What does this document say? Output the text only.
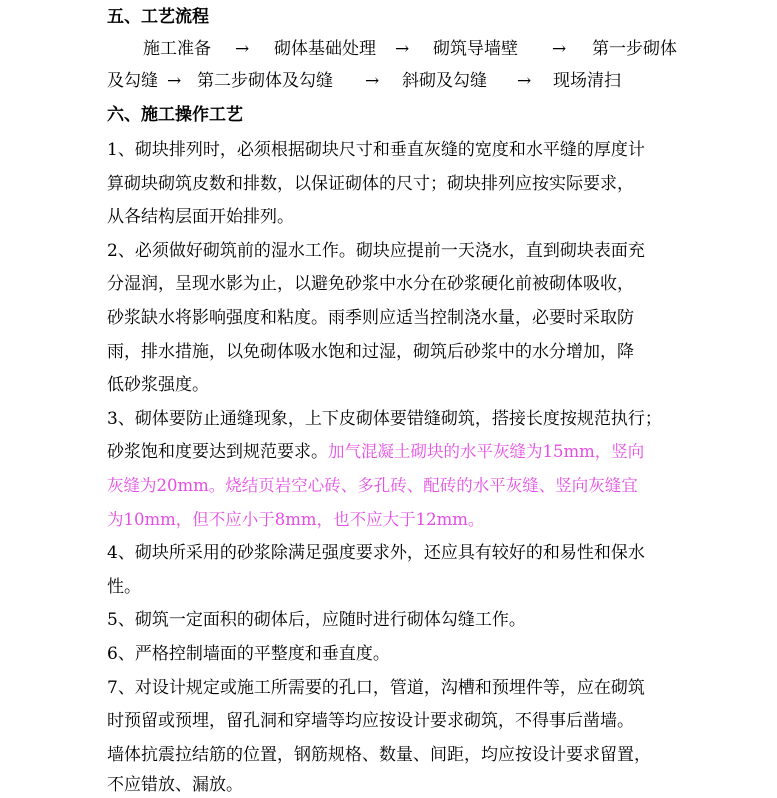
五、工艺流程
施工准备 → 砌体基础处理 → 砌筑导墙壁 → 第一步砌体
及勾缝 → 第二步砌体及勾缝 → 斜砌及勾缝 → 现场清扫
六、施工操作工艺
1、砌块排列时，必须根据砌块尺寸和垂直灰缝的宽度和水平缝的厚度计
算砌块砌筑皮数和排数，以保证砌体的尺寸；砌块排列应按实际要求，
从各结构层面开始排列。
2、必须做好砌筑前的湿水工作。砌块应提前一天浇水，直到砌块表面充
分湿润，呈现水影为止，以避免砂浆中水分在砂浆硬化前被砌体吸收，
砂浆缺水将影响强度和粘度。雨季则应适当控制浇水量，必要时采取防
雨，排水措施，以免砌体吸水饱和过湿，砌筑后砂浆中的水分增加，降
低砂浆强度。
3、砌体要防止通缝现象，上下皮砌体要错缝砌筑，搭接长度按规范执行；
砂浆饱和度要达到规范要求。加气混凝土砌块的水平灰缝为15mm，竖向
灰缝为20mm。烧结页岩空心砖、多孔砖、配砖的水平灰缝、竖向灰缝宜
为10mm，但不应小于8mm，也不应大于12mm。
4、砌块所采用的砂浆除满足强度要求外，还应具有较好的和易性和保水
性。
5、砌筑一定面积的砌体后，应随时进行砌体勾缝工作。
6、严格控制墙面的平整度和垂直度。
7、对设计规定或施工所需要的孔口，管道，沟槽和预埋件等，应在砌筑
时预留或预埋，留孔洞和穿墙等均应按设计要求砌筑，不得事后凿墙。
墙体抗震拉结筋的位置，钢筋规格、数量、间距，均应按设计要求留置，
不应错放、漏放。
